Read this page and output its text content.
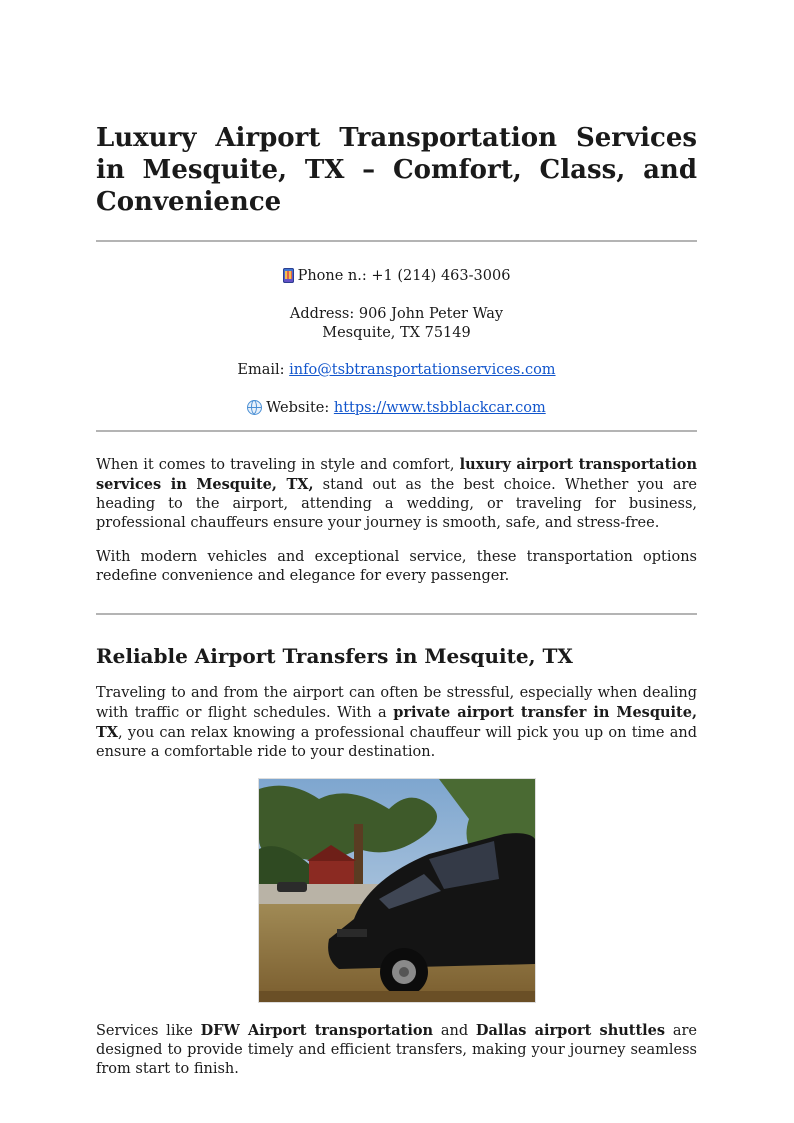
Luxury Airport Transportation Services in Mesquite, TX – Comfort, Class, and Convenience

Phone n.: +1 (214) 463-3006

Address: 906 John Peter Way

Mesquite, TX 75149

Email: info@tsbtransportationservices.com

Website: https://www.tsbblackcar.com

When it comes to traveling in style and comfort, luxury airport transportation services in Mesquite, TX, stand out as the best choice. Whether you are heading to the airport, attending a wedding, or traveling for business, professional chauffeurs ensure your journey is smooth, safe, and stress-free.

With modern vehicles and exceptional service, these transportation options redefine convenience and elegance for every passenger.

Reliable Airport Transfers in Mesquite, TX

Traveling to and from the airport can often be stressful, especially when dealing with traffic or flight schedules. With a private airport transfer in Mesquite, TX, you can relax knowing a professional chauffeur will pick you up on time and ensure a comfortable ride to your destination.

Services like DFW Airport transportation and Dallas airport shuttles are designed to provide timely and efficient transfers, making your journey seamless from start to finish.
